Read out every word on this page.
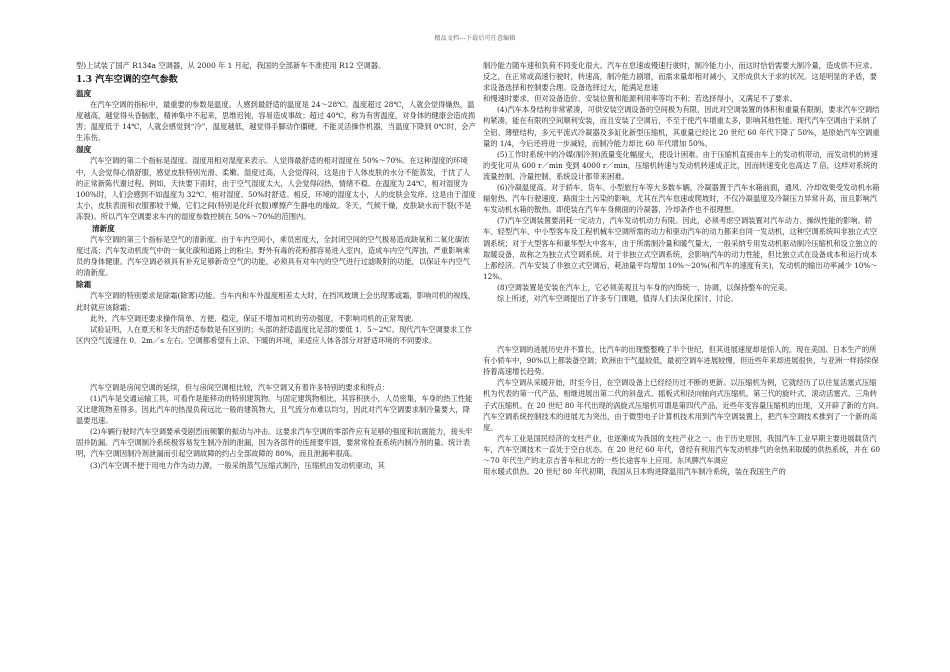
精品文档---下载后可任意编辑

型)上试装了国产 R134a 空调器，从 2000 年 1 月起，我国的全部新车不准使用 R12 空调器。

1.3 汽车空调的空气参数
温度

在汽车空调的指标中，最重要的参数是温度。人感到最舒适的温度是 24～28℃。温度超过 28℃，人就会觉得燥热，温度越高，越觉得头昏脑胀，精神集中不起来，思维迟钝，容易造成事故；超过 40℃，称为有害温度，对身体的健康会造成损害；温度低于 14℃，人就会感觉到“冷”，温度越低，越觉得手脚动作僵硬，不能灵活操作机器，当温度下降到 0℃时，会产生冻伤。

湿度

汽车空调的第二个指标是湿度。湿度用相对湿度来表示。人觉得最舒适的相对湿度在 50%～70%。在这种湿度的环境中，人会觉得心情舒服，感觉皮肤特别光滑、柔嫩。湿度过高，人会觉得闷，这是由于人体皮肤的水分不能蒸发，于扰了人的正常新陈代谢过程。例如，天快要下雨时，由于空气湿度太大，人会觉得闷热，情绪不稳。在温度为 24℃，相对湿度为 100%时，人们会感到不如温度为 32℃、相对湿度、50%时舒适。相反，环境的湿度太小，人的皮肤会发痒。这是由于湿度太小，皮肤表面和衣服都较干燥，它们之间(特别是化纤衣服)摩擦产生静电的缘故。冬天，气候干燥，皮肤缺水而干裂(不是冻裂)。所以汽车空调要求车内的湿度参数控制在 50%～70%的范围内。

清新度

汽车空调的第三个指标是空气的清新度。由于车内空间小，乘员密度大，全封闭空间的空气极易造成缺氧和二氧化碳浓度过高；汽车发动机废气中的一氧化碳和道路上的粉尘、野外有毒的花粉都容易进入室内，造成车内空气浑浊，严重影响乘员的身体健康。汽车空调必须具有补充足够新奇空气的功能，必须具有对车内的空气进行过滤吸附的功能，以保证车内空气的清新度。

除霜

汽车空调的特别要求是除霜(除雾)功能。当车内和车外温度相差太大时，在挡风玻璃上会出现雾或霜，影响司机的视线，此时就应该除霜；

此外，汽车空调还要求操作简单、方便、稳定，保证不增加司机的劳动强度，不影响司机的正常驾驶。

试验证明，人在夏天和冬天的舒适参数是有区别的；头部的舒适温度比足部的要低 1．5～2℃。现代汽车空调要求工作区内空气流速在 0．2m／s 左右。空调都希望有上凉、下暖的环境，来适应人体各部分对舒适环境的不同要求。

汽车空调是房间空调的延续，但与房间空调相比较，汽车空调又有着许多特别的要求和特点：

(1)汽车是交通运输工具，可看作是能移动的特别建筑物。与固定建筑物相比，其容积狭小，人员密集，车身的热工性能又比建筑物差得多。因此汽车的热湿负荷远比一般的建筑物大，且气流分布难以均匀，因此对汽车空调要求制冷量要大，降温要迅速。

(2)车辆行驶时汽车空调要承受剧烈而频繁的振动与冲击。这要求汽车空调的零部件应有足够的强度和抗震能力，接头牢固并防漏。汽车空调制冷系统极容易发生制冷剂的泄漏，因为各部件的连接要牢固，要常常检查系统内制冷剂的量。统计表明，汽车空调因制冷剂泄漏而引起空调故障的约占全部故障的 80%，而且泄漏率很高。

(3)汽车空调不便于用电力作为动力源，一般采纳蒸气压缩式制冷，压缩机由发动机驱动，其

制冷能力随车速和负荷不同变化很大。汽车在怠速或慢速行驶时，制冷能力小，而这时恰恰需要大制冷量，造成供不应求。反之，在正常或高速行驶时，转速高，制冷能力剧增，而需求量却相对减小，又形成供大于求的状况。这是明显的矛盾，要求设备选择和控制要合理。设备选择过大，能满足怠速

和慢速时要求，但对设备造价、安装位置和能源利用率等均不利；若选择得小，又满足不了要求。

(4)汽车本身结构非常紧凑，可供安装空调设备的空间极为有限，因此对空调装置的体积和重量有限制，要求汽车空调结构紧凑，能在有限的空间顺利安装，而且安装了空调后，不至于使汽车增重太多，影响其他性能。现代汽车空调由于采纳了全铝、薄壁结构，多元平流式冷凝器及多缸化新型压缩机，其重量已经比 20 世纪 60 年代下降了 50%，是原始汽车空调重量的 1/4，今后还将进一步减轻，而制冷能力却比 60 年代增加 50%。

(5)工作时系统中的冷媒(制冷剂)流量变化幅度大，使设计困难。由于压缩机直接由车上的发动机带动，而发动机的转速的变化可从 600 r／min 变到 4000 r／min，压缩机转速与发动机转速成正比，因而转速变化也高达 7 倍，这样对系统的流量控制、冷量控制、系统设计都带来困难。

(6)冷凝温度高。对于轿车、货车、小型旅行车等大多数车辆，冷凝器置于汽车水箱前面，通风、冷却效果受发动机水箱辐射热、汽车行驶速度、路面尘土污染的影响，尤其在汽车怠速或爬坡时，不仅冷凝温度及冷凝压力异常升高，而且影响汽车发动机水箱的散热。即使装在汽车车身侧面的冷凝器，冷却条件也不很理想。

(7)汽车空调装置要消耗一定动力，汽车发动机动力有限。因此，必须考虑空调装置对汽车动力、操纵性能的影响。轿车、轻型汽车、中小型客车及工程机械车空调所需的动力和驱动汽车的动力都来自同一发动机，这种空调系统叫非独立式空调系统；对于大型客车和豪华型大中客车，由于所需制冷量和暖气量大，一般采纳专用发动机驱动制冷压缩机和设立独立的取暖设备，故称之为独立式空调系统。对于非独立式空调系统，会影响汽车的动力性能，但比独立式在设备成本和运行成本上都经济。汽车安装了非独立式空调后，耗油量平均增加 10%～20%(和汽车的速度有关)，发动机的输出功率减少 10%～12%。

(8)空调装置是安装在汽车上，它必须美观且与车身的内饰统一、协调，以保持整车的完美。

综上所述，对汽车空调提出了许多专门课题，值得人们去深化探讨、讨论。

汽车空调的进展历史并不算长，比汽车的出现整整晚了半个世纪，但其进展速度却是惊人的。现在美国、日本生产的所有小轿车中，90%以上都装备空调；欧洲由于气温较低，最初空调车进展较慢，但近些年来却进展很快，与亚洲一样持续保持着高速增长趋势。

汽车空调从采暖开始，时至今日，在空调设备上已经经历过不断的更新。以压缩机为例，它就经历了以往复活塞式压缩机为代表的第一代产品，相继进展出第二代的斜盘式、摇板式和径向轴向式压缩机。第三代的旋叶式、滚动活塞式、三角转子式压缩机。在 20 世纪 80 年代出现的涡旋式压缩机可谓是第四代产品，近些年变容量压缩机的出现，又开辟了新的方向。汽车空调系统控制技术的进展尤为突出，由于微型电子计算机技术用到汽车空调装置上，把汽车空调技术推到了一个新的高度。

汽车工业是国民经济的支柱产业，也逐渐成为我国的支柱产业之一。由于历史原因，我国汽车工业早期主要进展载货汽车，汽车空调技术一直处于空白状态。在 20 世纪 60 年代，曾经有利用汽车发动机排气的余热来取暖的供热系统，并在 60～70 年代生产的北京吉普车和北方的一些长途客车上应用。东风脾汽车调应

用水暖式供热。20 世纪 80 年代初期，我国从日本购进降温用汽车制冷系统，装在我国生产的
